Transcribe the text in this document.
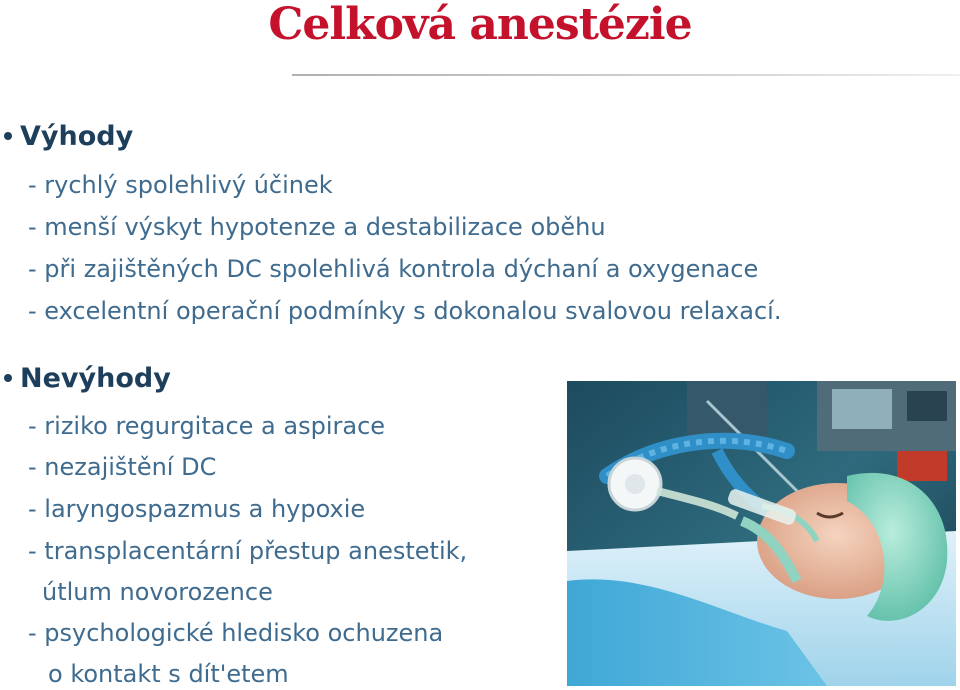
Celková anestézie
Výhody
- rychlý spolehlivý účinek
- menší výskyt hypotenze a destabilizace oběhu
- při zajištěných DC spolehlivá kontrola dýchaní a oxygenace
- excelentní operační podmínky s dokonalou svalovou relaxací.
Nevýhody
- riziko regurgitace a aspirace
- nezajištění DC
- laryngospazmus a hypoxie
- transplacentární přestup anestetik,
útlum novorozence
- psychologické hledisko ochuzena
o kontakt s dít'etem
